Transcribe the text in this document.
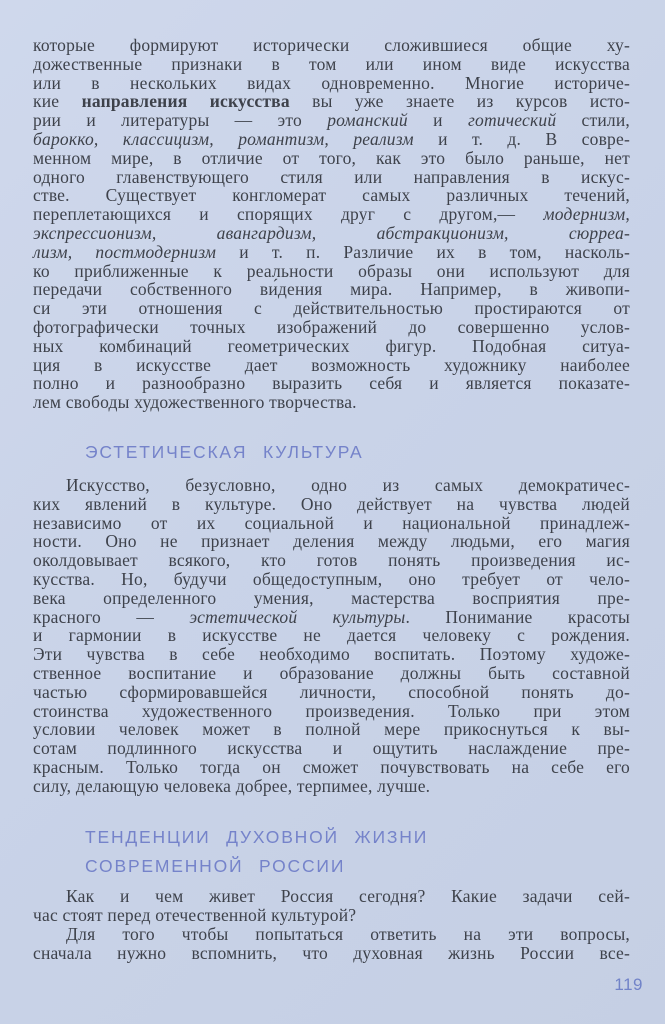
которые формируют исторически сложившиеся общие ху-
дожественные признаки в том или ином виде искусства
или в нескольких видах одновременно. Многие историче-
кие направления искусства вы уже знаете из курсов исто-
рии и литературы — это романский и готический стили,
барокко, классицизм, романтизм, реализм и т. д. В совре-
менном мире, в отличие от того, как это было раньше, нет
одного главенствующего стиля или направления в искус-
стве. Существует конгломерат самых различных течений,
переплетающихся и спорящих друг с другом,— модернизм,
экспрессионизм, авангардизм, абстракционизм, сюрреа-
лизм, постмодернизм и т. п. Различие их в том, насколь-
ко приближенные к реальности образы они используют для
передачи собственного ви́дения мира. Например, в живопи-
си эти отношения с действительностью простираются от
фотографически точных изображений до совершенно услов-
ных комбинаций геометрических фигур. Подобная ситуа-
ция в искусстве дает возможность художнику наиболее
полно и разнообразно выразить себя и является показате-
лем свободы художественного творчества.
ЭСТЕТИЧЕСКАЯ КУЛЬТУРА
Искусство, безусловно, одно из самых демократичес-
ких явлений в культуре. Оно действует на чувства людей
независимо от их социальной и национальной принадлеж-
ности. Оно не признает деления между людьми, его магия
околдовывает всякого, кто готов понять произведения ис-
кусства. Но, будучи общедоступным, оно требует от чело-
века определенного умения, мастерства восприятия пре-
красного — эстетической культуры. Понимание красоты
и гармонии в искусстве не дается человеку с рождения.
Эти чувства в себе необходимо воспитать. Поэтому художе-
ственное воспитание и образование должны быть составной
частью сформировавшейся личности, способной понять до-
стоинства художественного произведения. Только при этом
условии человек может в полной мере прикоснуться к вы-
сотам подлинного искусства и ощутить наслаждение пре-
красным. Только тогда он сможет почувствовать на себе его
силу, делающую человека добрее, терпимее, лучше.
ТЕНДЕНЦИИ ДУХОВНОЙ ЖИЗНИ
СОВРЕМЕННОЙ РОССИИ
Как и чем живет Россия сегодня? Какие задачи сей-
час стоят перед отечественной культурой?
Для того чтобы попытаться ответить на эти вопросы,
сначала нужно вспомнить, что духовная жизнь России все-
119
